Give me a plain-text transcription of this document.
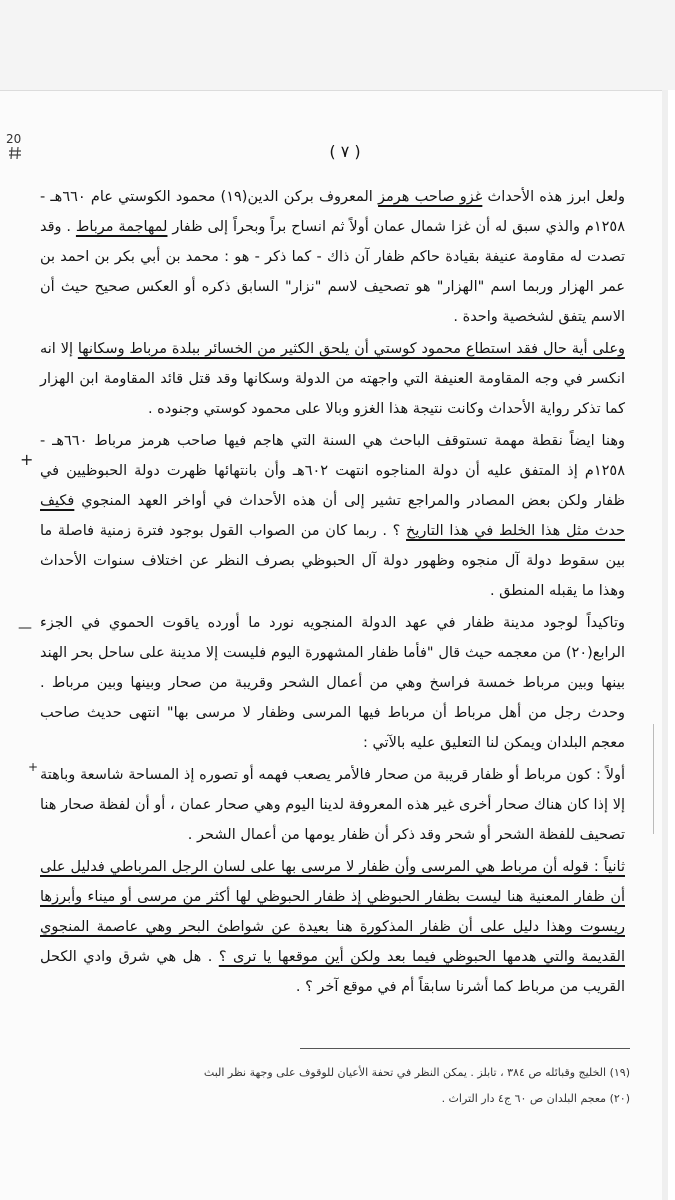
20
( ٧ )
+
—
+

ولعل ابرز هذه الأحداث غزو صاحب هرمز المعروف بركن الدين(١٩) محمود الكوستي عام ٦٦٠هـ - ١٢٥٨م والذي سبق له أن غزا شمال عمان أولاً ثم انساح براً وبحراً إلى ظفار لمهاجمة مرباط . وقد تصدت له مقاومة عنيفة بقيادة حاكم ظفار آن ذاك - كما ذكر - هو : محمد بن أبي بكر بن احمد بن عمر الهزار وربما اسم "الهزار" هو تصحيف لاسم "نزار" السابق ذكره أو العكس صحيح حيث أن الاسم يتفق لشخصية واحدة .

وعلى أية حال فقد استطاع محمود كوستي أن يلحق الكثير من الخسائر ببلدة مرباط وسكانها إلا انه انكسر في وجه المقاومة العنيفة التي واجهته من الدولة وسكانها وقد قتل قائد المقاومة ابن الهزار كما تذكر رواية الأحداث وكانت نتيجة هذا الغزو وبالا على محمود كوستي وجنوده .

وهنا ايضاً نقطة مهمة تستوقف الباحث هي السنة التي هاجم فيها صاحب هرمز مرباط ٦٦٠هـ - ١٢٥٨م إذ المتفق عليه أن دولة المناجوه انتهت ٦٠٢هـ وأن بانتهائها ظهرت دولة الحبوظيين في ظفار ولكن بعض المصادر والمراجع تشير إلى أن هذه الأحداث في أواخر العهد المنجوي فكيف حدث مثل هذا الخلط في هذا التاريخ ؟ . ربما كان من الصواب القول بوجود فترة زمنية فاصلة ما بين سقوط دولة آل منجوه وظهور دولة آل الحبوظي بصرف النظر عن اختلاف سنوات الأحداث وهذا ما يقبله المنطق .

وتاكيداً لوجود مدينة ظفار في عهد الدولة المنجويه نورد ما أورده ياقوت الحموي في الجزء الرابع(٢٠) من معجمه حيث قال "فأما ظفار المشهورة اليوم فليست إلا مدينة على ساحل بحر الهند بينها وبين مرباط خمسة فراسخ وهي من أعمال الشحر وقريبة من صحار وبينها وبين مرباط . وحدث رجل من أهل مرباط أن مرباط فيها المرسى وظفار لا مرسى بها" انتهى حديث صاحب معجم البلدان ويمكن لنا التعليق عليه بالآتي :

أولاً : كون مرباط أو ظفار قريبة من صحار فالأمر يصعب فهمه أو تصوره إذ المساحة شاسعة وباهتة إلا إذا كان هناك صحار أخرى غير هذه المعروفة لدينا اليوم وهي صحار عمان ، أو أن لفظة صحار هنا تصحيف للفظة الشحر أو شحر وقد ذكر أن ظفار يومها من أعمال الشحر .

ثانياً : قوله أن مرباط هي المرسى وأن ظفار لا مرسى بها على لسان الرجل المرباطي فدليل على أن ظفار المعنية هنا ليست بظفار الحبوظي إذ ظفار الحبوظي لها أكثر من مرسى أو ميناء وأبرزها ريسوت وهذا دليل على أن ظفار المذكورة هنا بعيدة عن شواطئ البحر وهي عاصمة المنجوي القديمة والتي هدمها الحبوظي فيما بعد ولكن أين موقعها يا ترى ؟ . هل هي شرق وادي الكحل القريب من مرباط كما أشرنا سابقاً أم في موقع آخر ؟ .

(١٩) الخليج وقبائله ص ٣٨٤ ، تابلز . يمكن النظر في تحفة الأعيان للوقوف على وجهة نظر البث
(٢٠) معجم البلدان ص ٦٠ ج٤ دار التراث .
